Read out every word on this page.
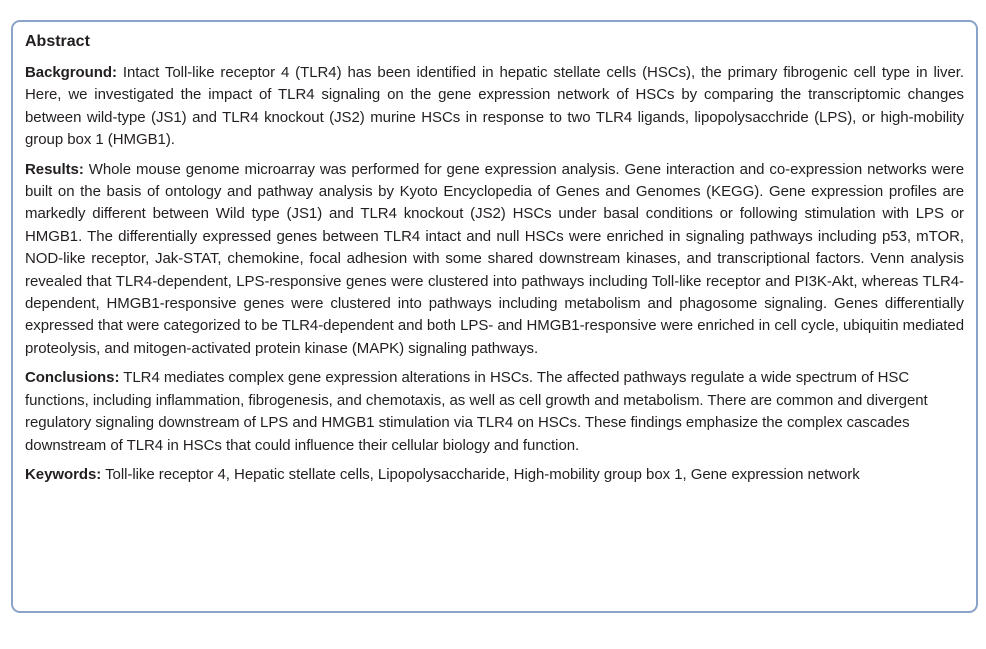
Abstract

Background: Intact Toll-like receptor 4 (TLR4) has been identified in hepatic stellate cells (HSCs), the primary fibrogenic cell type in liver. Here, we investigated the impact of TLR4 signaling on the gene expression network of HSCs by comparing the transcriptomic changes between wild-type (JS1) and TLR4 knockout (JS2) murine HSCs in response to two TLR4 ligands, lipopolysacchride (LPS), or high-mobility group box 1 (HMGB1).

Results: Whole mouse genome microarray was performed for gene expression analysis. Gene interaction and co-expression networks were built on the basis of ontology and pathway analysis by Kyoto Encyclopedia of Genes and Genomes (KEGG). Gene expression profiles are markedly different between Wild type (JS1) and TLR4 knockout (JS2) HSCs under basal conditions or following stimulation with LPS or HMGB1. The differentially expressed genes between TLR4 intact and null HSCs were enriched in signaling pathways including p53, mTOR, NOD-like receptor, Jak-STAT, chemokine, focal adhesion with some shared downstream kinases, and transcriptional factors. Venn analysis revealed that TLR4-dependent, LPS-responsive genes were clustered into pathways including Toll-like receptor and PI3K-Akt, whereas TLR4-dependent, HMGB1-responsive genes were clustered into pathways including metabolism and phagosome signaling. Genes differentially expressed that were categorized to be TLR4-dependent and both LPS- and HMGB1-responsive were enriched in cell cycle, ubiquitin mediated proteolysis, and mitogen-activated protein kinase (MAPK) signaling pathways.

Conclusions: TLR4 mediates complex gene expression alterations in HSCs. The affected pathways regulate a wide spectrum of HSC functions, including inflammation, fibrogenesis, and chemotaxis, as well as cell growth and metabolism. There are common and divergent regulatory signaling downstream of LPS and HMGB1 stimulation via TLR4 on HSCs. These findings emphasize the complex cascades downstream of TLR4 in HSCs that could influence their cellular biology and function.

Keywords: Toll-like receptor 4, Hepatic stellate cells, Lipopolysaccharide, High-mobility group box 1, Gene expression network
